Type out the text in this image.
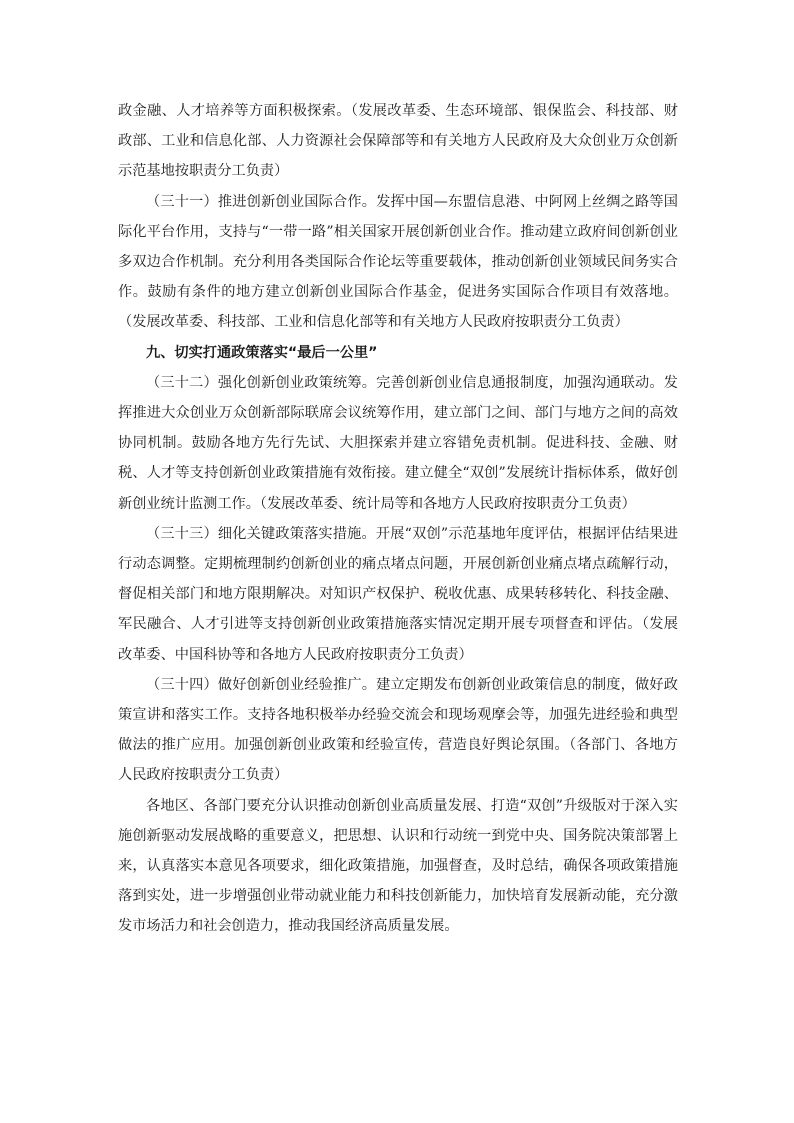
政金融、人才培养等方面积极探索。（发展改革委、生态环境部、银保监会、科技部、财政部、工业和信息化部、人力资源社会保障部等和有关地方人民政府及大众创业万众创新示范基地按职责分工负责）

（三十一）推进创新创业国际合作。发挥中国—东盟信息港、中阿网上丝绸之路等国际化平台作用，支持与“一带一路”相关国家开展创新创业合作。推动建立政府间创新创业多双边合作机制。充分利用各类国际合作论坛等重要载体，推动创新创业领域民间务实合作。鼓励有条件的地方建立创新创业国际合作基金，促进务实国际合作项目有效落地。（发展改革委、科技部、工业和信息化部等和有关地方人民政府按职责分工负责）

九、切实打通政策落实“最后一公里”

（三十二）强化创新创业政策统筹。完善创新创业信息通报制度，加强沟通联动。发挥推进大众创业万众创新部际联席会议统筹作用，建立部门之间、部门与地方之间的高效协同机制。鼓励各地方先行先试、大胆探索并建立容错免责机制。促进科技、金融、财税、人才等支持创新创业政策措施有效衔接。建立健全“双创”发展统计指标体系，做好创新创业统计监测工作。（发展改革委、统计局等和各地方人民政府按职责分工负责）

（三十三）细化关键政策落实措施。开展“双创”示范基地年度评估，根据评估结果进行动态调整。定期梳理制约创新创业的痛点堵点问题，开展创新创业痛点堵点疏解行动，督促相关部门和地方限期解决。对知识产权保护、税收优惠、成果转移转化、科技金融、军民融合、人才引进等支持创新创业政策措施落实情况定期开展专项督查和评估。（发展改革委、中国科协等和各地方人民政府按职责分工负责）

（三十四）做好创新创业经验推广。建立定期发布创新创业政策信息的制度，做好政策宣讲和落实工作。支持各地积极举办经验交流会和现场观摩会等，加强先进经验和典型做法的推广应用。加强创新创业政策和经验宣传，营造良好舆论氛围。（各部门、各地方人民政府按职责分工负责）

各地区、各部门要充分认识推动创新创业高质量发展、打造“双创”升级版对于深入实施创新驱动发展战略的重要意义，把思想、认识和行动统一到党中央、国务院决策部署上来，认真落实本意见各项要求，细化政策措施，加强督查，及时总结，确保各项政策措施落到实处，进一步增强创业带动就业能力和科技创新能力，加快培育发展新动能，充分激发市场活力和社会创造力，推动我国经济高质量发展。
